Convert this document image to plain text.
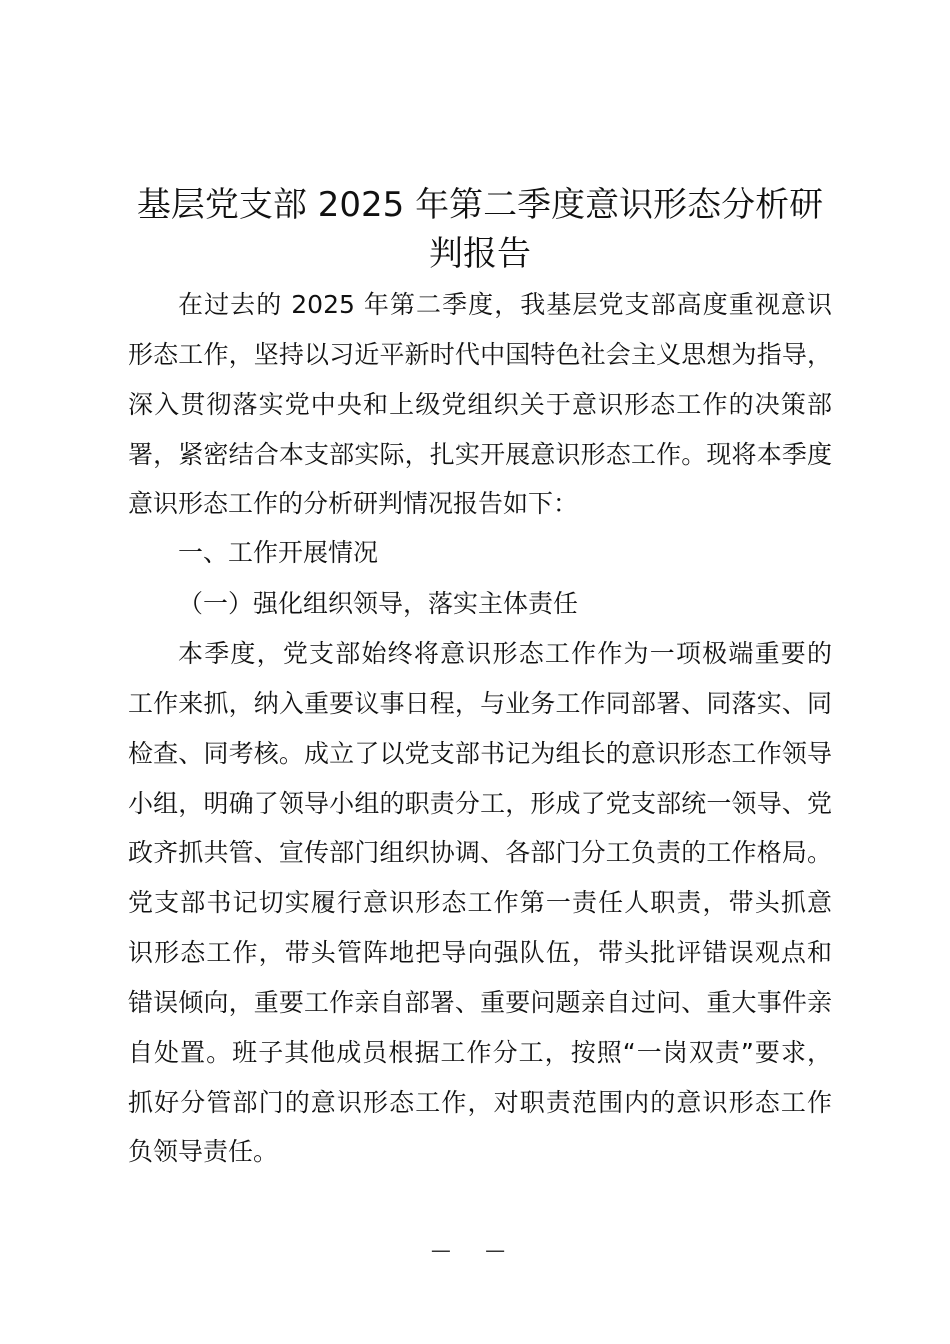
基层党支部 2025 年第二季度意识形态分析研
判报告
在过去的 2025 年第二季度，我基层党支部高度重视意识
形态工作，坚持以习近平新时代中国特色社会主义思想为指导，
深入贯彻落实党中央和上级党组织关于意识形态工作的决策部
署，紧密结合本支部实际，扎实开展意识形态工作。现将本季度
意识形态工作的分析研判情况报告如下：
一、工作开展情况
（一）强化组织领导，落实主体责任
本季度，党支部始终将意识形态工作作为一项极端重要的
工作来抓，纳入重要议事日程，与业务工作同部署、同落实、同
检查、同考核。成立了以党支部书记为组长的意识形态工作领导
小组，明确了领导小组的职责分工，形成了党支部统一领导、党
政齐抓共管、宣传部门组织协调、各部门分工负责的工作格局。
党支部书记切实履行意识形态工作第一责任人职责，带头抓意
识形态工作，带头管阵地把导向强队伍，带头批评错误观点和
错误倾向，重要工作亲自部署、重要问题亲自过问、重大事件亲
自处置。班子其他成员根据工作分工，按照“一岗双责”要求，
抓好分管部门的意识形态工作，对职责范围内的意识形态工作
负领导责任。
— —
